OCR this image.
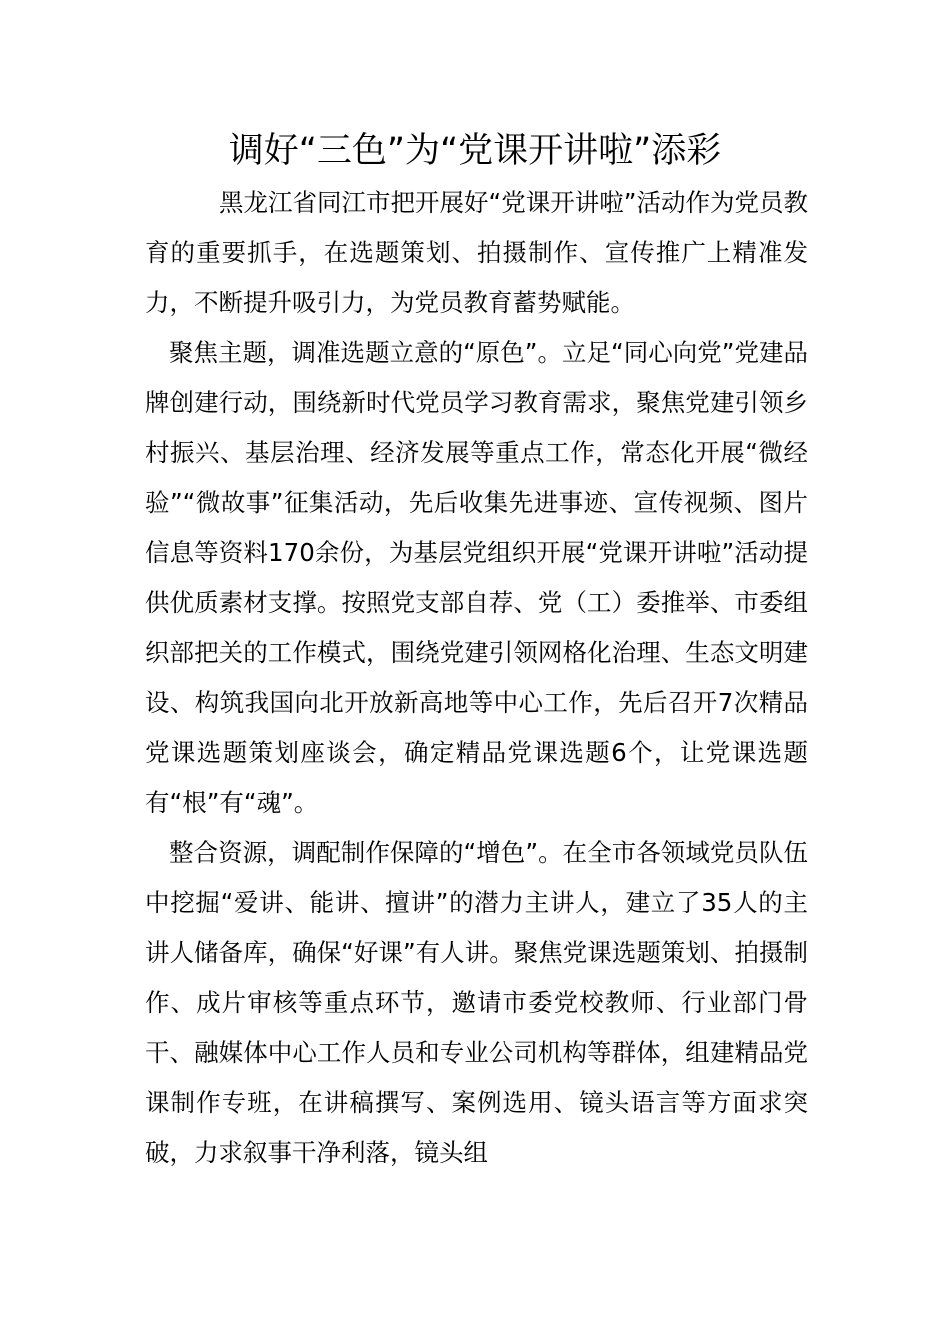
调好“三色”为“党课开讲啦”添彩

黑龙江省同江市把开展好“党课开讲啦”活动作为党员教育的重要抓手，在选题策划、拍摄制作、宣传推广上精准发力，不断提升吸引力，为党员教育蓄势赋能。

聚焦主题，调准选题立意的“原色”。立足“同心向党”党建品牌创建行动，围绕新时代党员学习教育需求，聚焦党建引领乡村振兴、基层治理、经济发展等重点工作，常态化开展“微经验”“微故事”征集活动，先后收集先进事迹、宣传视频、图片信息等资料170余份，为基层党组织开展“党课开讲啦”活动提供优质素材支撑。按照党支部自荐、党（工）委推举、市委组织部把关的工作模式，围绕党建引领网格化治理、生态文明建设、构筑我国向北开放新高地等中心工作，先后召开7次精品党课选题策划座谈会，确定精品党课选题6个，让党课选题有“根”有“魂”。

整合资源，调配制作保障的“增色”。在全市各领域党员队伍中挖掘“爱讲、能讲、擅讲”的潜力主讲人，建立了35人的主讲人储备库，确保“好课”有人讲。聚焦党课选题策划、拍摄制作、成片审核等重点环节，邀请市委党校教师、行业部门骨干、融媒体中心工作人员和专业公司机构等群体，组建精品党课制作专班，在讲稿撰写、案例选用、镜头语言等方面求突破，力求叙事干净利落，镜头组
